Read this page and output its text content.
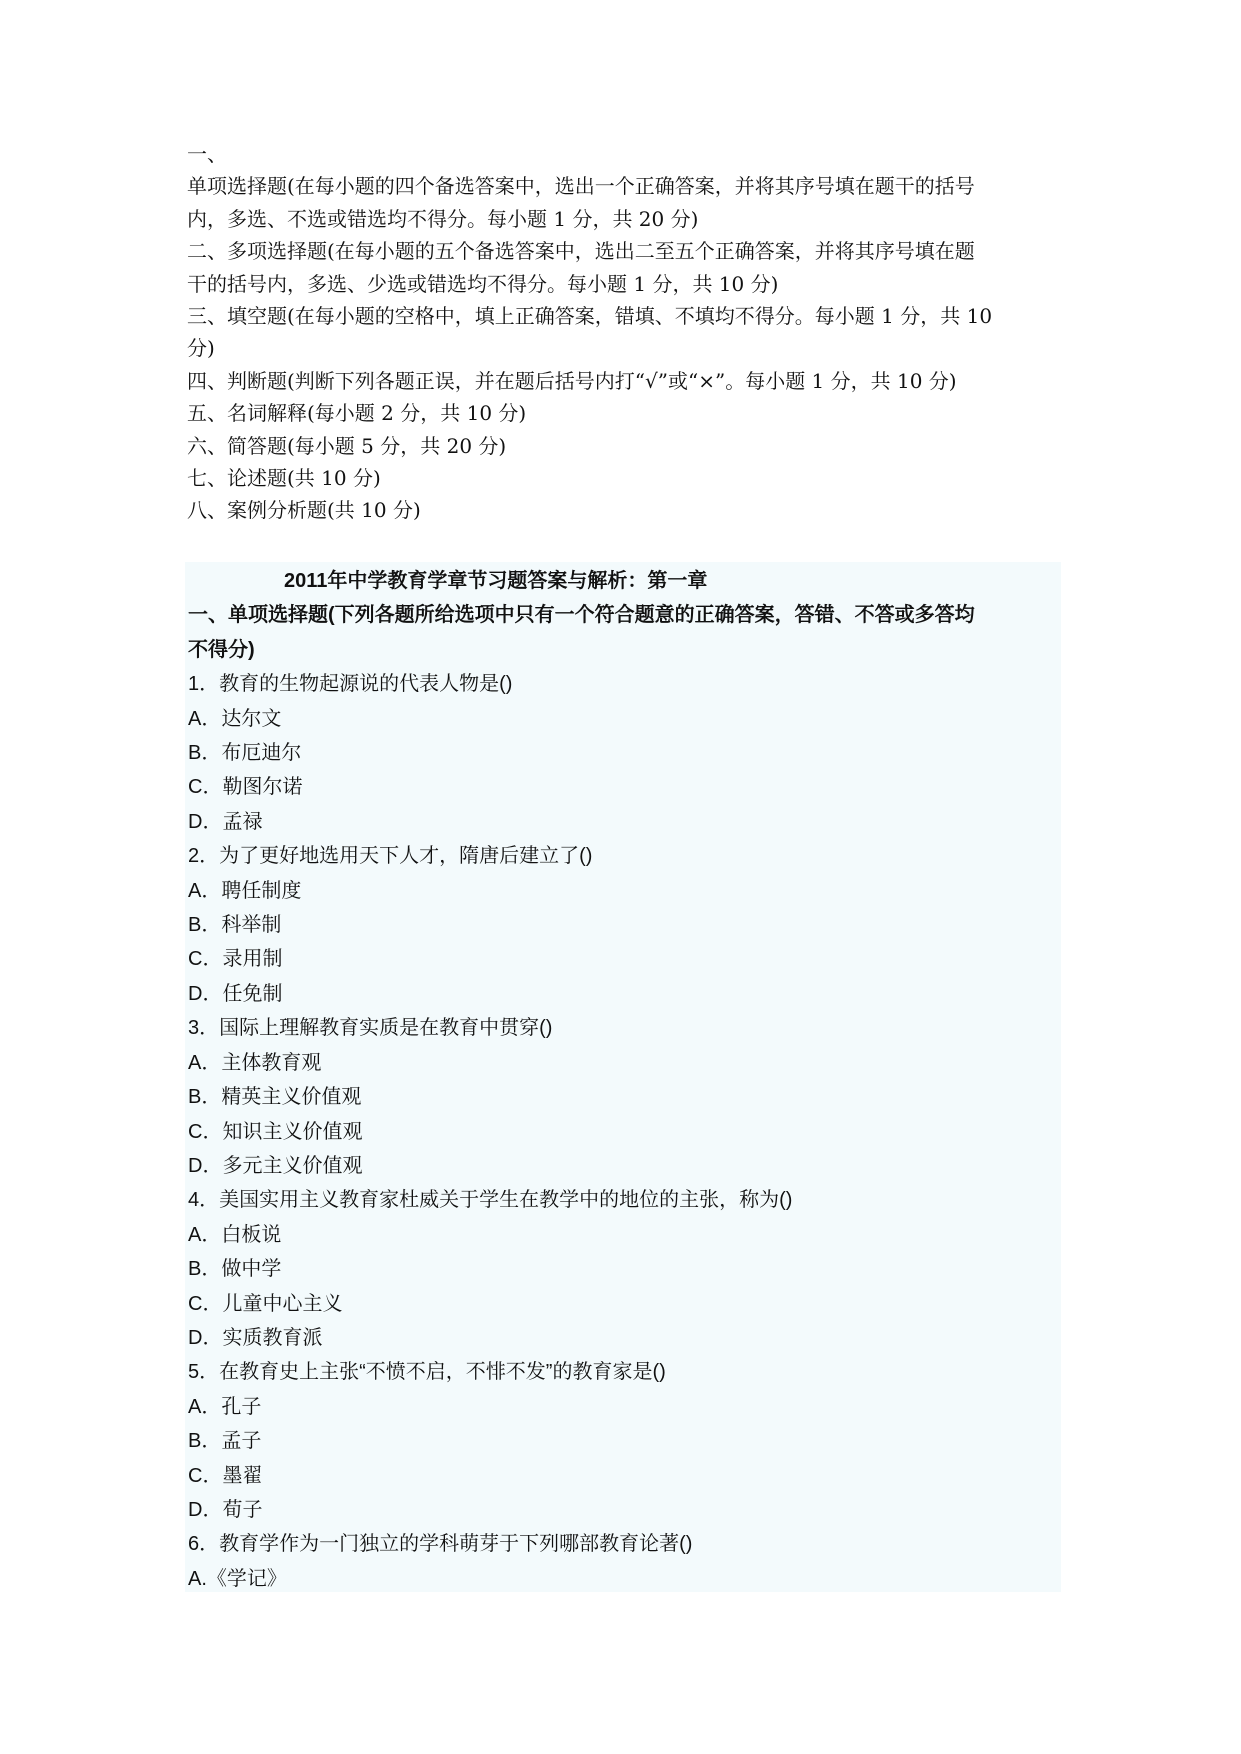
一、
单项选择题(在每小题的四个备选答案中，选出一个正确答案，并将其序号填在题干的括号
内，多选、不选或错选均不得分。每小题 1 分，共 20 分)
二、多项选择题(在每小题的五个备选答案中，选出二至五个正确答案，并将其序号填在题
干的括号内，多选、少选或错选均不得分。每小题 1 分，共 10 分)
三、填空题(在每小题的空格中，填上正确答案，错填、不填均不得分。每小题 1 分，共 10
分)
四、判断题(判断下列各题正误，并在题后括号内打“√”或“×”。每小题 1 分，共 10 分)
五、名词解释(每小题 2 分，共 10 分)
六、简答题(每小题 5 分，共 20 分)
七、论述题(共 10 分)
八、案例分析题(共 10 分)
2011年中学教育学章节习题答案与解析：第一章
一、单项选择题(下列各题所给选项中只有一个符合题意的正确答案，答错、不答或多答均
不得分)
1．教育的生物起源说的代表人物是()
A．达尔文
B．布厄迪尔
C．勒图尔诺
D．孟禄
2．为了更好地选用天下人才，隋唐后建立了()
A．聘任制度
B．科举制
C．录用制
D．任免制
3．国际上理解教育实质是在教育中贯穿()
A．主体教育观
B．精英主义价值观
C．知识主义价值观
D．多元主义价值观
4．美国实用主义教育家杜威关于学生在教学中的地位的主张，称为()
A．白板说
B．做中学
C．儿童中心主义
D．实质教育派
5．在教育史上主张“不愤不启，不悱不发”的教育家是()
A．孔子
B．孟子
C．墨翟
D．荀子
6．教育学作为一门独立的学科萌芽于下列哪部教育论著()
A.《学记》
